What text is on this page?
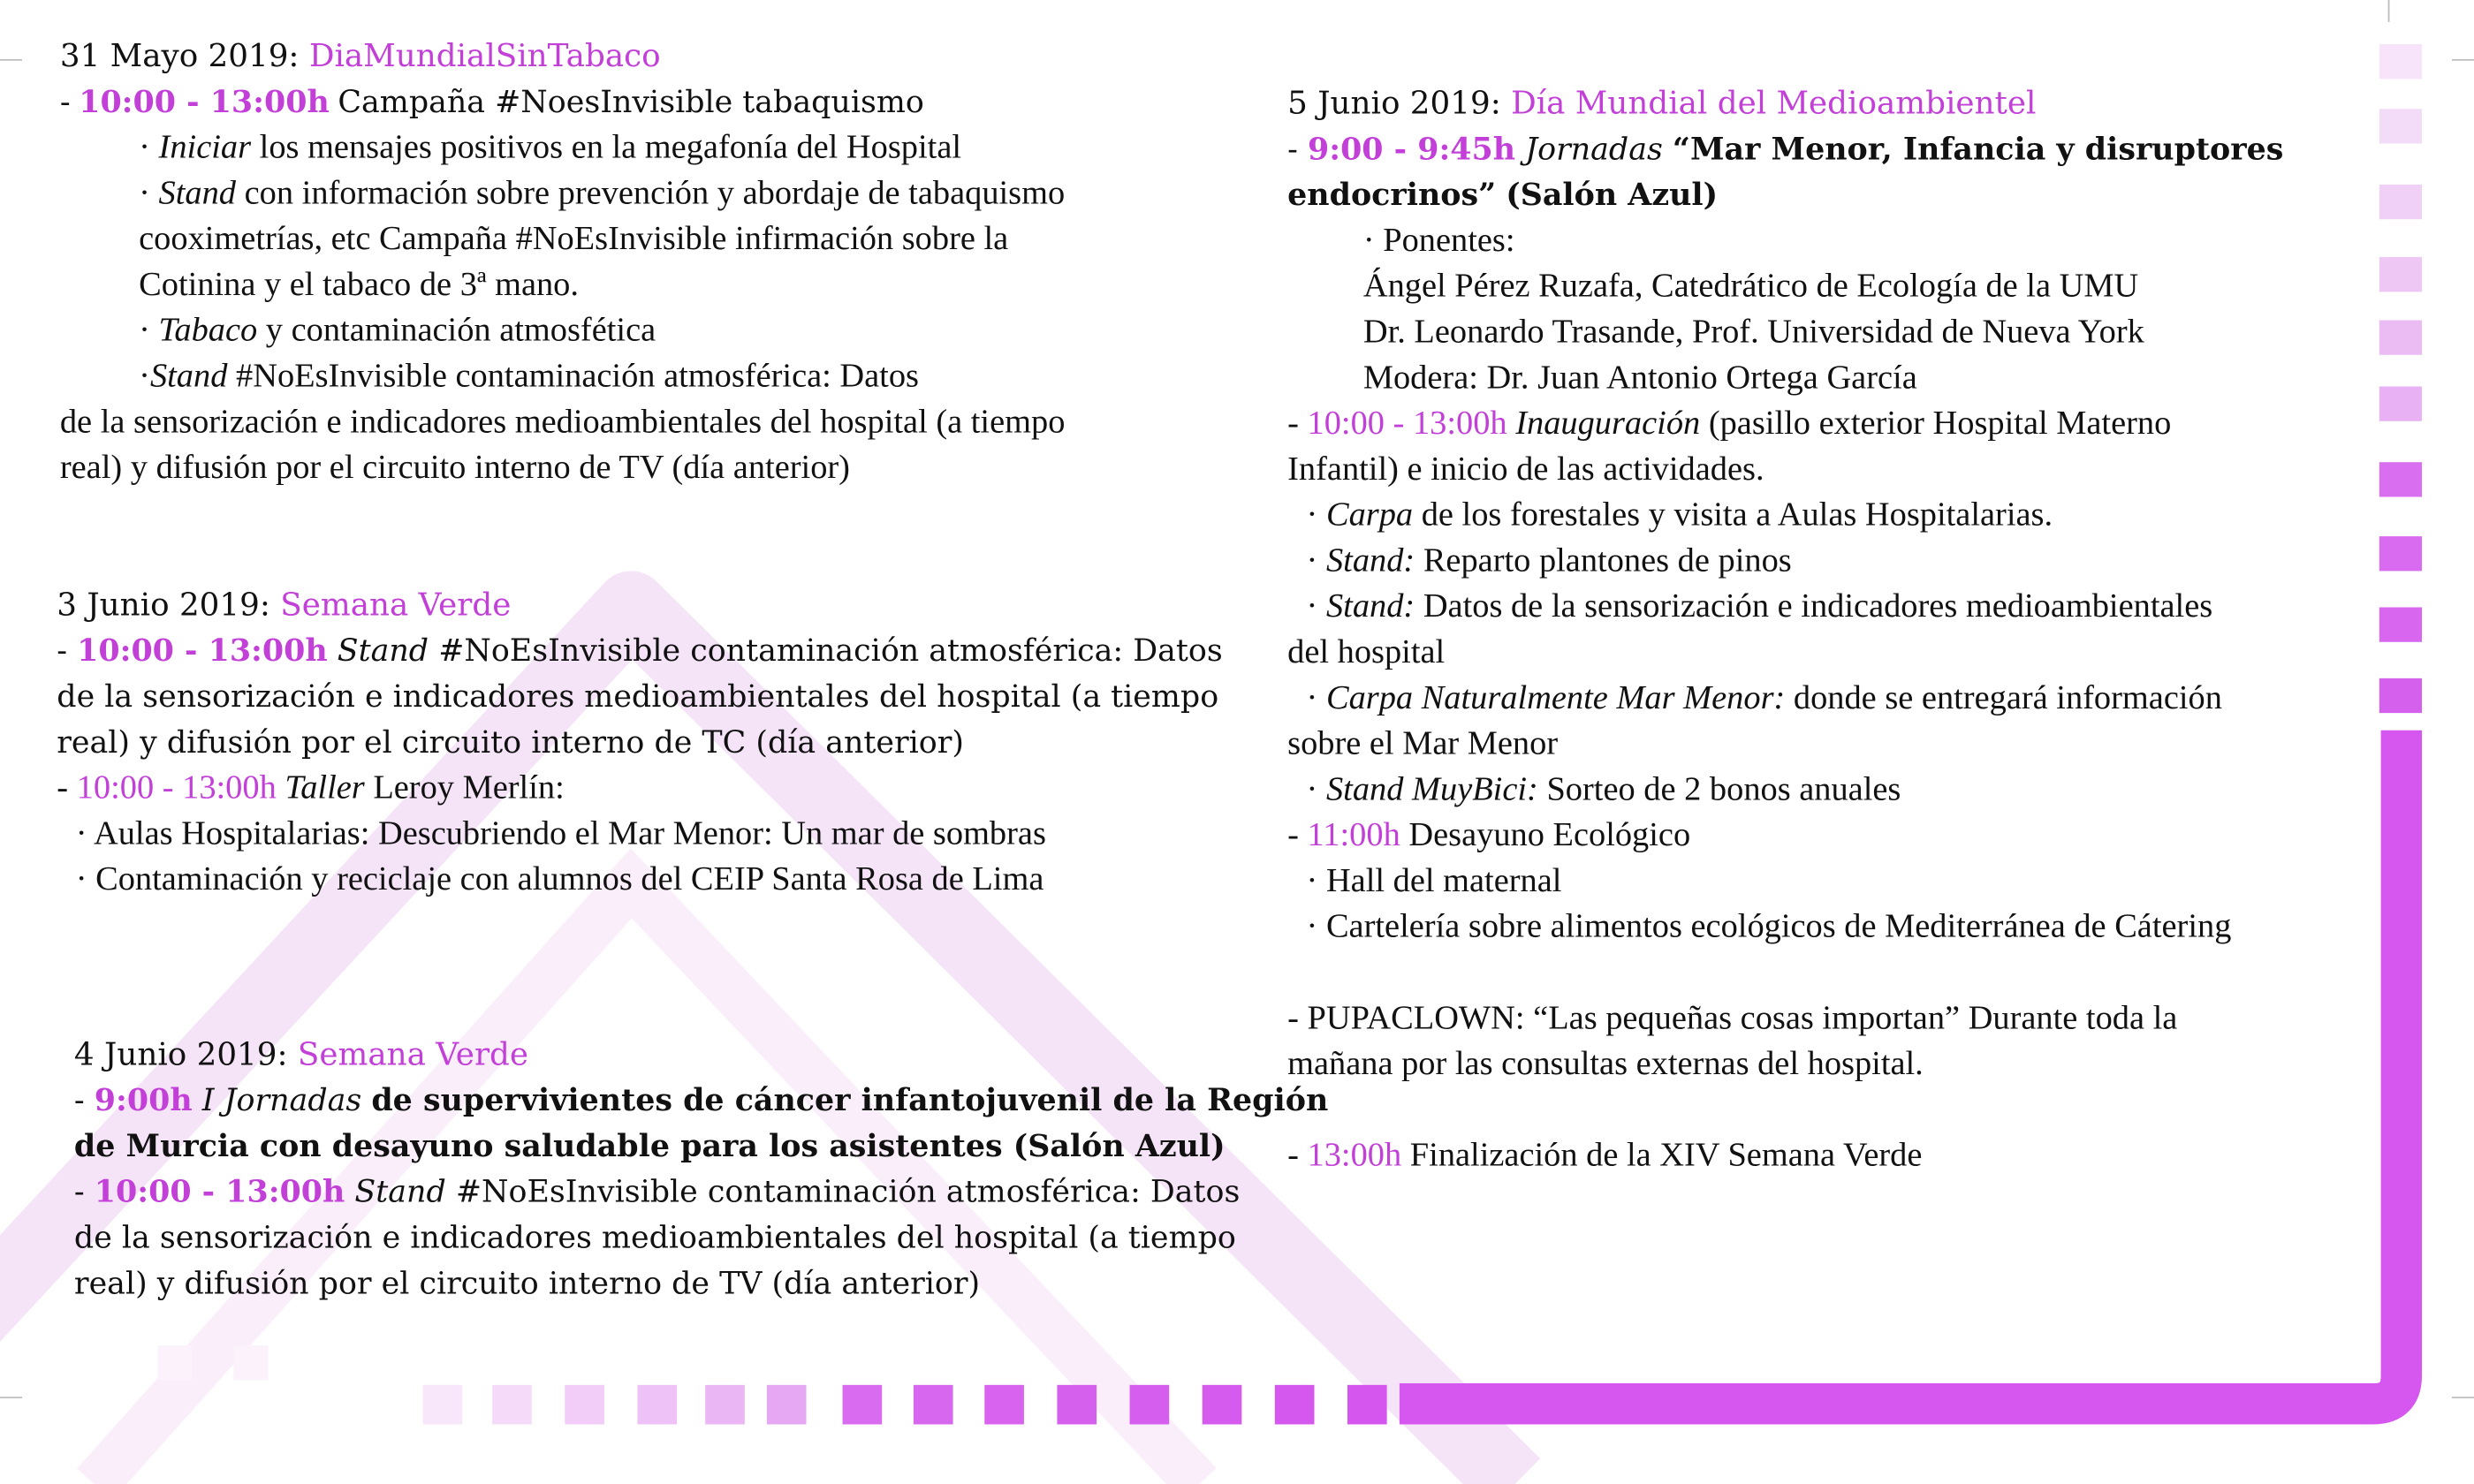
31 Mayo 2019: DiaMundialSinTabaco
- 10:00 - 13:00h Campaña #NoesInvisible tabaquismo
· Iniciar los mensajes positivos en la megafonía del Hospital
· Stand con información sobre prevención y abordaje de tabaquismo
cooximetrías, etc Campaña #NoEsInvisible infirmación sobre la
Cotinina y el tabaco de 3ª mano.
· Tabaco y contaminación atmosfética
·Stand #NoEsInvisible contaminación atmosférica: Datos
de la sensorización e indicadores medioambientales del hospital (a tiempo
real) y difusión por el circuito interno de TV (día anterior)
3 Junio 2019: Semana Verde
- 10:00 - 13:00h Stand #NoEsInvisible contaminación atmosférica: Datos
de la sensorización e indicadores medioambientales del hospital (a tiempo
real) y difusión por el circuito interno de TC (día anterior)
- 10:00 - 13:00h Taller Leroy Merlín:
· Aulas Hospitalarias: Descubriendo el Mar Menor: Un mar de sombras
· Contaminación y reciclaje con alumnos del CEIP Santa Rosa de Lima
4 Junio 2019: Semana Verde
- 9:00h I Jornadas de supervivientes de cáncer infantojuvenil de la Región
de Murcia con desayuno saludable para los asistentes (Salón Azul)
- 10:00 - 13:00h Stand #NoEsInvisible contaminación atmosférica: Datos
de la sensorización e indicadores medioambientales del hospital (a tiempo
real) y difusión por el circuito interno de TV (día anterior)
5 Junio 2019: Día Mundial del Medioambientel
- 9:00 - 9:45h Jornadas “Mar Menor, Infancia y disruptores
endocrinos” (Salón Azul)
· Ponentes:
Ángel Pérez Ruzafa, Catedrático de Ecología de la UMU
Dr. Leonardo Trasande, Prof. Universidad de Nueva York
Modera: Dr. Juan Antonio Ortega García
- 10:00 - 13:00h Inauguración (pasillo exterior Hospital Materno
Infantil) e inicio de las actividades.
· Carpa de los forestales y visita a Aulas Hospitalarias.
· Stand: Reparto plantones de pinos
· Stand: Datos de la sensorización e indicadores medioambientales
del hospital
· Carpa Naturalmente Mar Menor: donde se entregará información
sobre el Mar Menor
· Stand MuyBici: Sorteo de 2 bonos anuales
- 11:00h Desayuno Ecológico
· Hall del maternal
· Cartelería sobre alimentos ecológicos de Mediterránea de Cátering
- PUPACLOWN: “Las pequeñas cosas importan” Durante toda la
mañana por las consultas externas del hospital.
- 13:00h Finalización de la XIV Semana Verde
